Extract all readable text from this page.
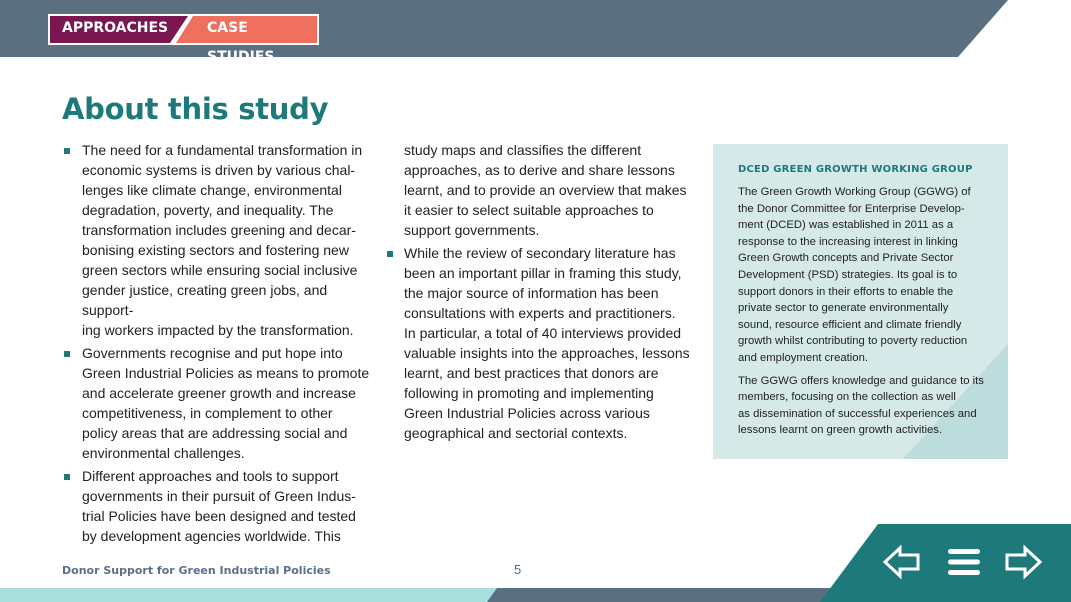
APPROACHES	CASE STUDIES
About this study
The need for a fundamental transformation in
economic systems is driven by various chal-
lenges like climate change, environmental
degradation, poverty, and inequality. The
transformation includes greening and decar-
bonising existing sectors and fostering new
green sectors while ensuring social inclusive
gender justice, creating green jobs, and support-
ing workers impacted by the transformation.
Governments recognise and put hope into
Green Industrial Policies as means to promote
and accelerate greener growth and increase
competitiveness, in complement to other
policy areas that are addressing social and
environmental challenges.
Different approaches and tools to support
governments in their pursuit of Green Indus-
trial Policies have been designed and tested
by development agencies worldwide. This
study maps and classifies the different
approaches, as to derive and share lessons
learnt, and to provide an overview that makes
it easier to select suitable approaches to
support governments.
While the review of secondary literature has
been an important pillar in framing this study,
the major source of information has been
consultations with experts and practitioners.
In particular, a total of 40 interviews provided
valuable insights into the approaches, lessons
learnt, and best practices that donors are
following in promoting and implementing
Green Industrial Policies across various
geographical and sectorial contexts.
DCED GREEN GROWTH WORKING GROUP
The Green Growth Working Group (GGWG) of
the Donor Committee for Enterprise Develop-
ment (DCED) was established in 2011 as a
response to the increasing interest in linking
Green Growth concepts and Private Sector
Development (PSD) strategies. Its goal is to
support donors in their efforts to enable the
private sector to generate environmentally
sound, resource efficient and climate friendly
growth whilst contributing to poverty reduction
and employment creation.
The GGWG offers knowledge and guidance to its
members, focusing on the collection as well
as dissemination of successful experiences and
lessons learnt on green growth activities.
Donor Support for Green Industrial Policies	5
